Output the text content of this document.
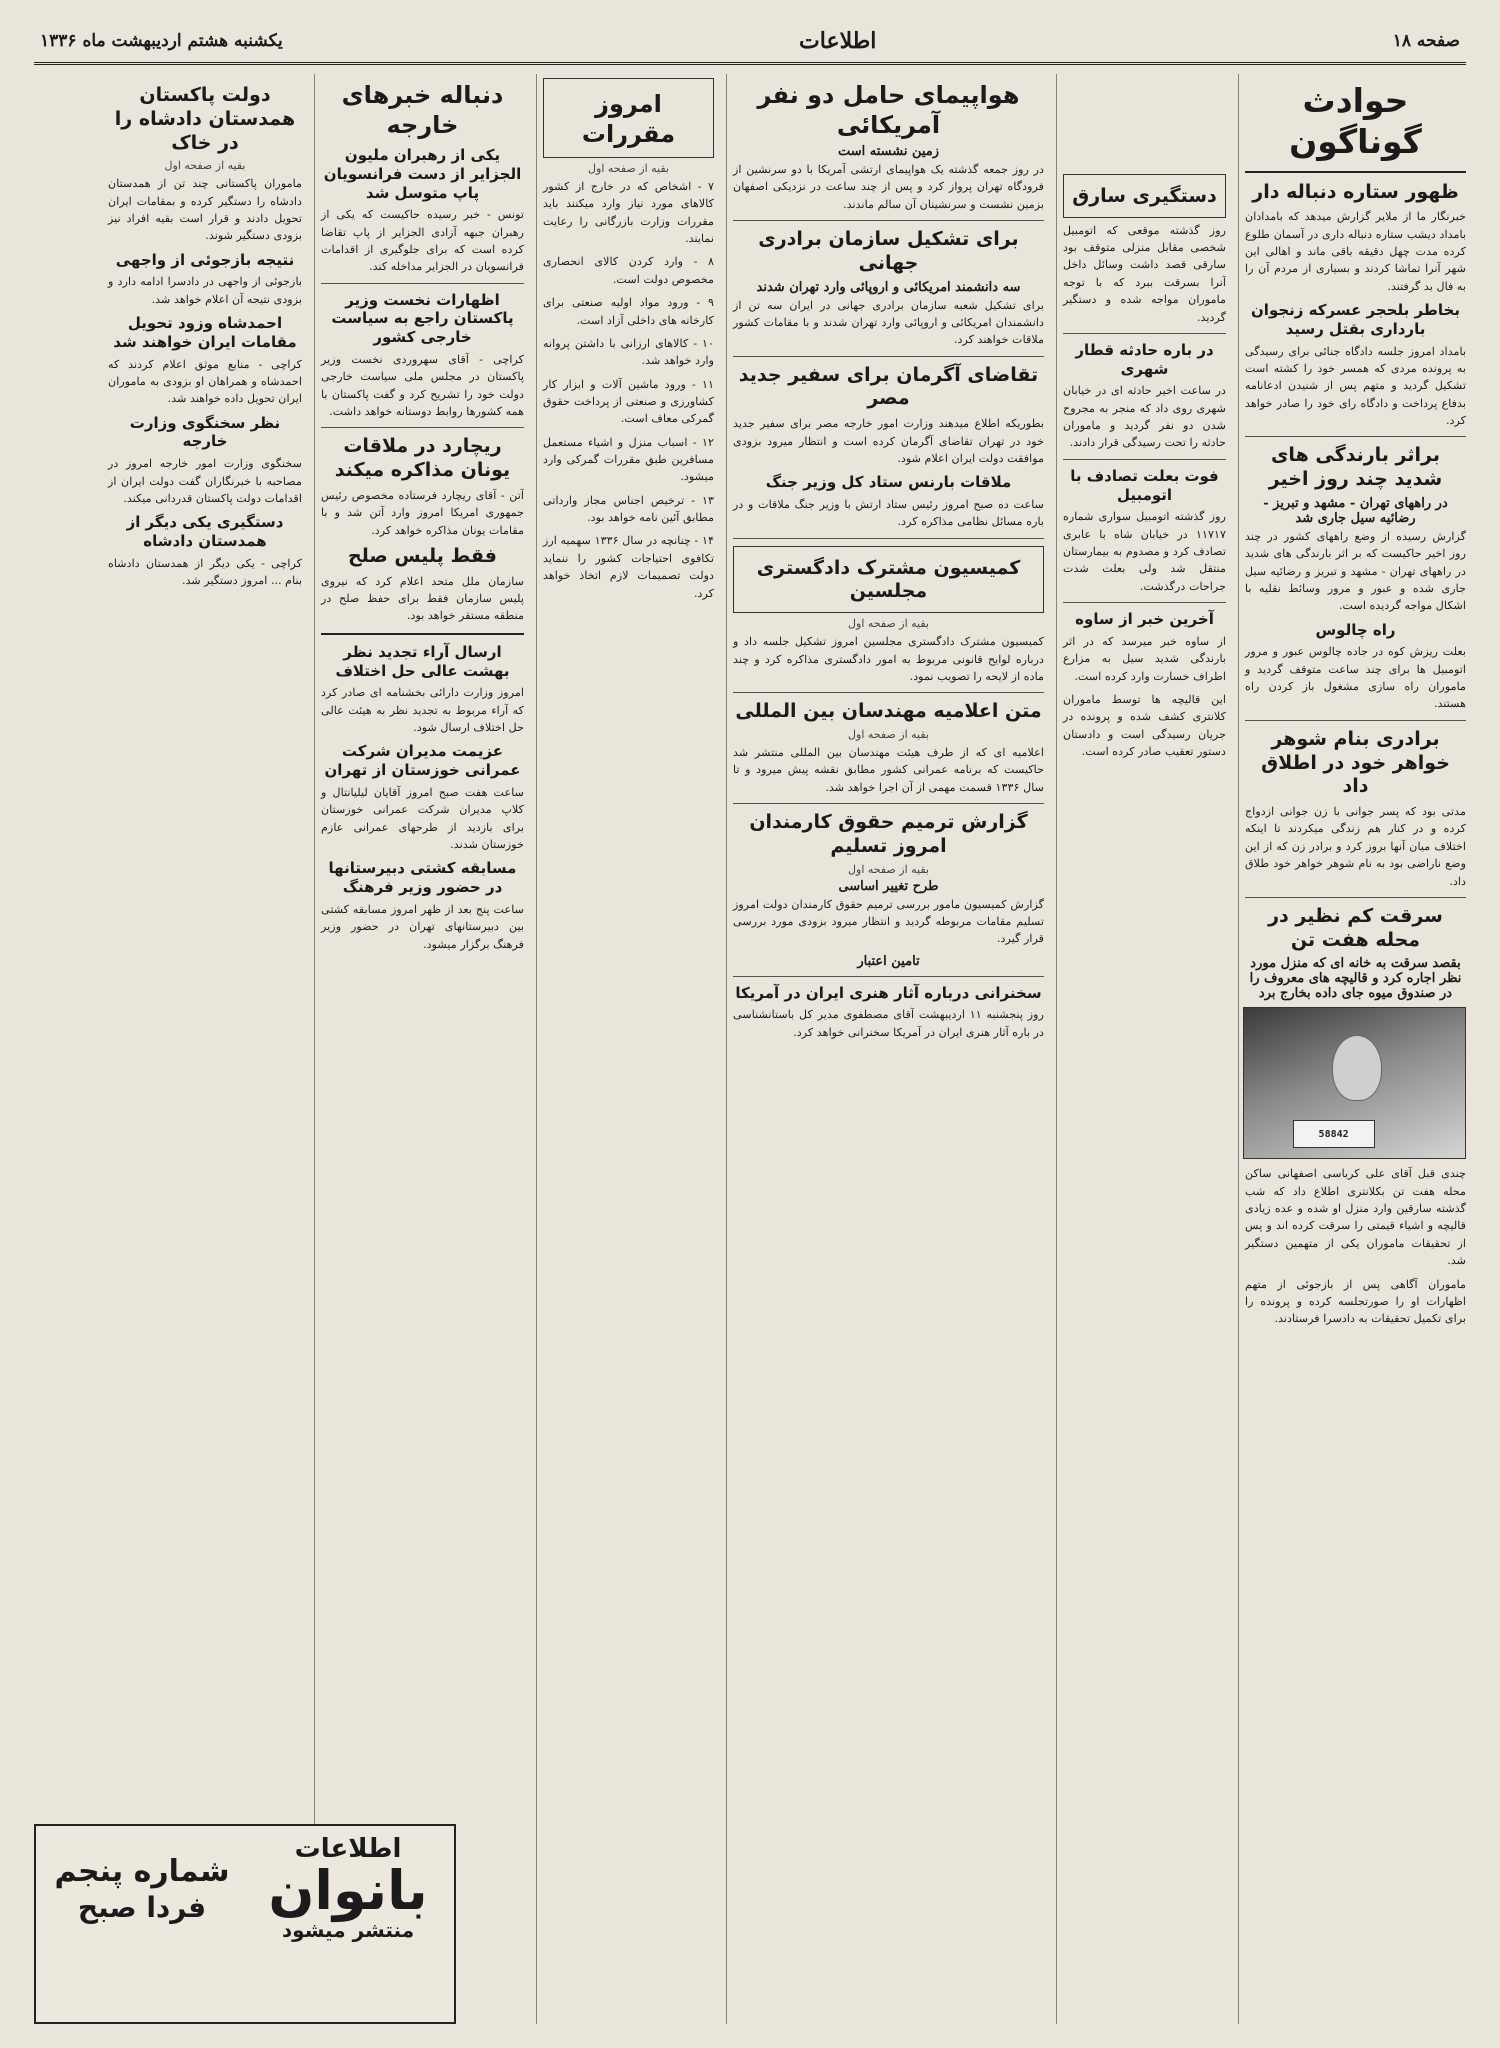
صفحه ۱۸
اطلاعات
یکشنبه هشتم اردیبهشت ماه ۱۳۳۶
حوادث گوناگون
ظهور ستاره دنباله دار

خبرنگار ما از ملایر گزارش میدهد که بامدادان بامداد دیشب ستاره دنباله داری در آسمان طلوع کرده مدت چهل دقیقه باقی ماند و اهالی این شهر آنرا تماشا کردند و بسیاری از مردم آن را به فال بد گرفتند.

بخاطر بلحجر عسرکه زنجوان بارداری بقتل رسید

بامداد امروز جلسه دادگاه جنائی برای رسیدگی به پرونده مردی که همسر خود را کشته است تشکیل گردید و متهم پس از شنیدن ادعانامه بدفاع پرداخت و دادگاه رای خود را صادر خواهد کرد.

براثر بارندگی های شدید چند روز اخیر
در راههای تهران - مشهد و تبریز - رضائیه سیل جاری شد

گزارش رسیده از وضع راههای کشور در چند روز اخیر حاکیست که بر اثر بارندگی های شدید در راههای تهران - مشهد و تبریز و رضائیه سیل جاری شده و عبور و مرور وسائط نقلیه با اشکال مواجه گردیده است.

راه چالوس

بعلت ریزش کوه در جاده چالوس عبور و مرور اتومبیل ها برای چند ساعت متوقف گردید و ماموران راه سازی مشغول باز کردن راه هستند.

برادری بنام شوهر خواهر خود در اطلاق داد

مدتی بود که پسر جوانی با زن جوانی ازدواج کرده و در کنار هم زندگی میکردند تا اینکه اختلاف میان آنها بروز کرد و برادر زن که از این وضع ناراضی بود به نام شوهر خواهر خود طلاق داد.

سرقت کم نظیر در محله هفت تن
بقصد سرقت به خانه ای که منزل مورد نظر اجاره کرد و قالیچه های معروف را در صندوق میوه جای داده بخارج برد
58842

چندی قبل آقای علی کرباسی اصفهانی ساکن محله هفت تن بکلانتری اطلاع داد که شب گذشته سارقین وارد منزل او شده و عده زیادی قالیچه و اشیاء قیمتی را سرقت کرده اند و پس از تحقیقات ماموران یکی از متهمین دستگیر شد.

ماموران آگاهی پس از بازجوئی از متهم اظهارات او را صورتجلسه کرده و پرونده را برای تکمیل تحقیقات به دادسرا فرستادند.

دستگیری سارق

روز گذشته موقعی که اتومبیل شخصی مقابل منزلی متوقف بود سارقی قصد داشت وسائل داخل آنرا بسرقت ببرد که با توجه ماموران مواجه شده و دستگیر گردید.

در باره حادثه قطار شهری

در ساعت اخیر حادثه ای در خیابان شهری روی داد که منجر به مجروح شدن دو نفر گردید و ماموران حادثه را تحت رسیدگی قرار دادند.

فوت بعلت تصادف با اتومبیل

روز گذشته اتومبیل سواری شماره ۱۱۷۱۷ در خیابان شاه با عابری تصادف کرد و مصدوم به بیمارستان منتقل شد ولی بعلت شدت جراحات درگذشت.

آخرین خبر از ساوه

از ساوه خبر میرسد که در اثر بارندگی شدید سیل به مزارع اطراف خسارت وارد کرده است.

این قالیچه ها توسط ماموران کلانتری کشف شده و پرونده در جریان رسیدگی است و دادستان دستور تعقیب صادر کرده است.

هواپیمای حامل دو نفر آمریکائی
زمین نشسته است

در روز جمعه گذشته یک هواپیمای ارتشی آمریکا با دو سرنشین از فرودگاه تهران پرواز کرد و پس از چند ساعت در نزدیکی اصفهان بزمین نشست و سرنشینان آن سالم ماندند.

برای تشکیل سازمان برادری جهانی
سه دانشمند امریکائی و اروپائی وارد تهران شدند

برای تشکیل شعبه سازمان برادری جهانی در ایران سه تن از دانشمندان امریکائی و اروپائی وارد تهران شدند و با مقامات کشور ملاقات خواهند کرد.

تقاضای آگرمان برای سفیر جدید مصر

بطوریکه اطلاع میدهند وزارت امور خارجه مصر برای سفیر جدید خود در تهران تقاضای آگرمان کرده است و انتظار میرود بزودی موافقت دولت ایران اعلام شود.

ملاقات بارنس ستاد کل وزیر جنگ

ساعت ده صبح امروز رئیس ستاد ارتش با وزیر جنگ ملاقات و در باره مسائل نظامی مذاکره کرد.

کمیسیون مشترک دادگستری مجلسین
بقیه از صفحه اول

کمیسیون مشترک دادگستری مجلسین امروز تشکیل جلسه داد و درباره لوایح قانونی مربوط به امور دادگستری مذاکره کرد و چند ماده از لایحه را تصویب نمود.

متن اعلامیه مهندسان بین المللی
بقیه از صفحه اول

اعلامیه ای که از طرف هیئت مهندسان بین المللی منتشر شد حاکیست که برنامه عمرانی کشور مطابق نقشه پیش میرود و تا سال ۱۳۳۶ قسمت مهمی از آن اجرا خواهد شد.

گزارش ترمیم حقوق کارمندان امروز تسلیم
بقیه از صفحه اول
طرح تغییر اساسی

گزارش کمیسیون مامور بررسی ترمیم حقوق کارمندان دولت امروز تسلیم مقامات مربوطه گردید و انتظار میرود بزودی مورد بررسی قرار گیرد.

تامین اعتبار
سخنرانی درباره آثار هنری ایران در آمریکا

روز پنجشنبه ۱۱ اردیبهشت آقای مصطفوی مدیر کل باستانشناسی در باره آثار هنری ایران در آمریکا سخنرانی خواهد کرد.

امروز مقررات
بقیه از صفحه اول

۷ - اشخاص که در خارج از کشور کالاهای مورد نیاز وارد میکنند باید مقررات وزارت بازرگانی را رعایت نمایند.

۸ - وارد کردن کالای انحصاری مخصوص دولت است.

۹ - ورود مواد اولیه صنعتی برای کارخانه های داخلی آزاد است.

۱۰ - کالاهای ارزانی با داشتن پروانه وارد خواهد شد.

۱۱ - ورود ماشین آلات و ابزار کار کشاورزی و صنعتی از پرداخت حقوق گمرکی معاف است.

۱۲ - اسباب منزل و اشیاء مستعمل مسافرین طبق مقررات گمرکی وارد میشود.

۱۳ - ترخیص اجناس مجاز وارداتی مطابق آئین نامه خواهد بود.

۱۴ - چنانچه در سال ۱۳۳۶ سهمیه ارز تکافوی احتیاجات کشور را ننماید دولت تصمیمات لازم اتخاذ خواهد کرد.

دنباله خبرهای خارجه
یکی از رهبران ملیون الجزایر از دست فرانسویان پاپ متوسل شد

تونس - خبر رسیده حاکیست که یکی از رهبران جبهه آزادی الجزایر از پاپ تقاضا کرده است که برای جلوگیری از اقدامات فرانسویان در الجزایر مداخله کند.

اظهارات نخست وزیر پاکستان راجع به سیاست خارجی کشور

کراچی - آقای سهروردی نخست وزیر پاکستان در مجلس ملی سیاست خارجی دولت خود را تشریح کرد و گفت پاکستان با همه کشورها روابط دوستانه خواهد داشت.

ریچارد در ملاقات یونان مذاکره میکند

آتن - آقای ریچارد فرستاده مخصوص رئیس جمهوری امریکا امروز وارد آتن شد و با مقامات یونان مذاکره خواهد کرد.

فقط پلیس صلح

سازمان ملل متحد اعلام کرد که نیروی پلیس سازمان فقط برای حفظ صلح در منطقه مستقر خواهد بود.

ارسال آراء تجدید نظر بهشت عالی حل اختلاف

امروز وزارت دارائی بخشنامه ای صادر کرد که آراء مربوط به تجدید نظر به هیئت عالی حل اختلاف ارسال شود.

عزیمت مدیران شرکت عمرانی خوزستان از تهران

ساعت هفت صبح امروز آقایان لیلیانتال و کلاپ مدیران شرکت عمرانی خوزستان برای بازدید از طرحهای عمرانی عازم خوزستان شدند.

مسابقه کشتی دبیرستانها در حضور وزیر فرهنگ

ساعت پنج بعد از ظهر امروز مسابقه کشتی بین دبیرستانهای تهران در حضور وزیر فرهنگ برگزار میشود.

دولت پاکستان همدستان دادشاه را در خاک
بقیه از صفحه اول

ماموران پاکستانی چند تن از همدستان دادشاه را دستگیر کرده و بمقامات ایران تحویل دادند و قرار است بقیه افراد نیز بزودی دستگیر شوند.

نتیجه بازجوئی از واجهی

بازجوئی از واجهی در دادسرا ادامه دارد و بزودی نتیجه آن اعلام خواهد شد.

احمدشاه وزود تحویل مقامات ایران خواهند شد

کراچی - منابع موثق اعلام کردند که احمدشاه و همراهان او بزودی به ماموران ایران تحویل داده خواهند شد.

نظر سخنگوی وزارت خارجه

سخنگوی وزارت امور خارجه امروز در مصاحبه با خبرنگاران گفت دولت ایران از اقدامات دولت پاکستان قدردانی میکند.

دستگیری یکی دیگر از همدستان دادشاه

کراچی - یکی دیگر از همدستان دادشاه بنام ... امروز دستگیر شد.

اطلاعات
بانوان
منتشر میشود
شماره پنجم
فردا صبح
